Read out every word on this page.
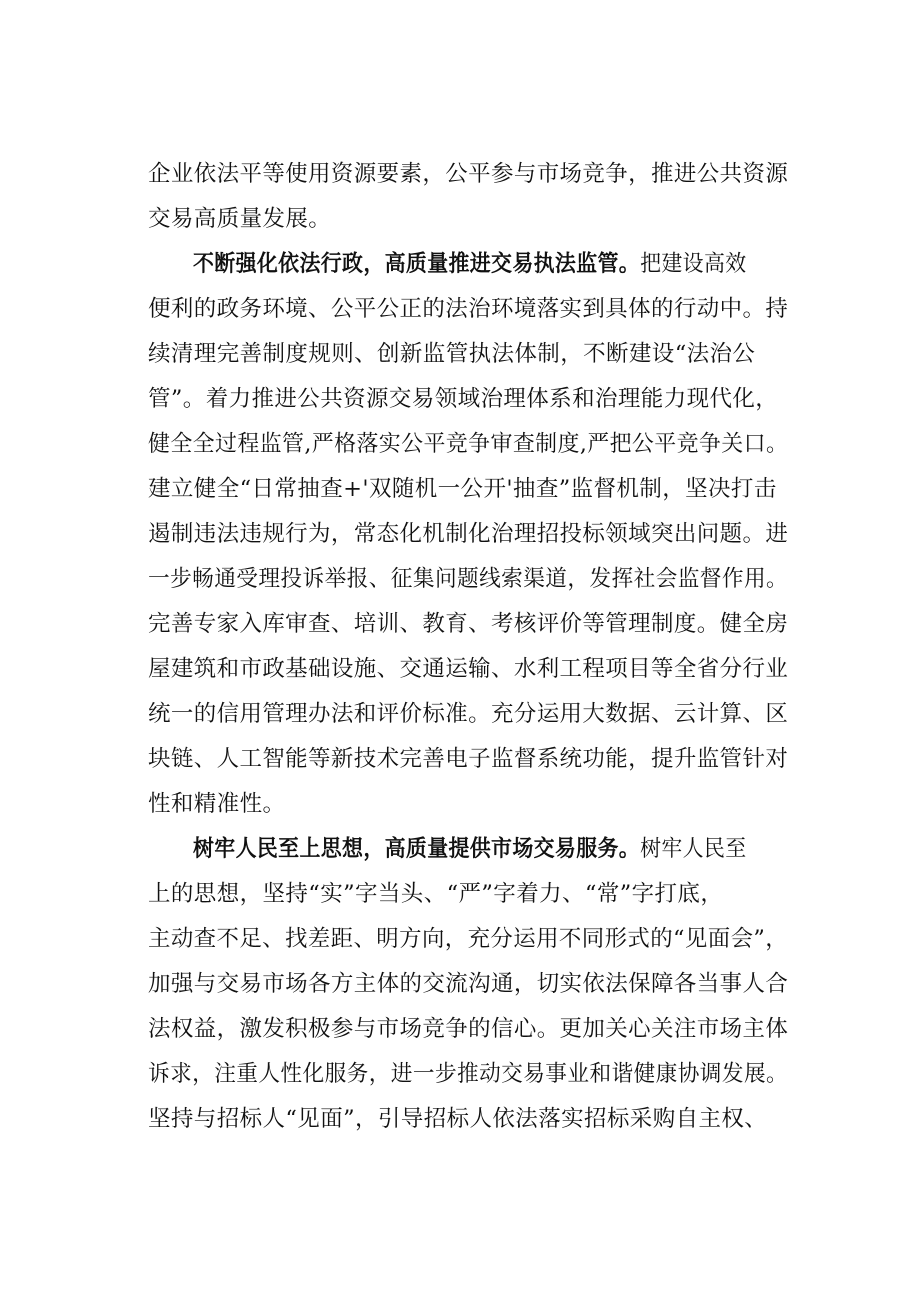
企业依法平等使用资源要素，公平参与市场竞争，推进公共资源
交易高质量发展。
不断强化依法行政，高质量推进交易执法监管。把建设高效
便利的政务环境、公平公正的法治环境落实到具体的行动中。持
续清理完善制度规则、创新监管执法体制，不断建设“法治公
管”。着力推进公共资源交易领域治理体系和治理能力现代化，
健全全过程监管,严格落实公平竞争审查制度,严把公平竞争关口。
建立健全“日常抽查+'双随机一公开'抽查”监督机制，坚决打击
遏制违法违规行为，常态化机制化治理招投标领域突出问题。进
一步畅通受理投诉举报、征集问题线索渠道，发挥社会监督作用。
完善专家入库审查、培训、教育、考核评价等管理制度。健全房
屋建筑和市政基础设施、交通运输、水利工程项目等全省分行业
统一的信用管理办法和评价标准。充分运用大数据、云计算、区
块链、人工智能等新技术完善电子监督系统功能，提升监管针对
性和精准性。
树牢人民至上思想，高质量提供市场交易服务。树牢人民至
上的思想，坚持“实”字当头、“严”字着力、“常”字打底，
主动查不足、找差距、明方向，充分运用不同形式的“见面会”，
加强与交易市场各方主体的交流沟通，切实依法保障各当事人合
法权益，激发积极参与市场竞争的信心。更加关心关注市场主体
诉求，注重人性化服务，进一步推动交易事业和谐健康协调发展。
坚持与招标人“见面”，引导招标人依法落实招标采购自主权、
